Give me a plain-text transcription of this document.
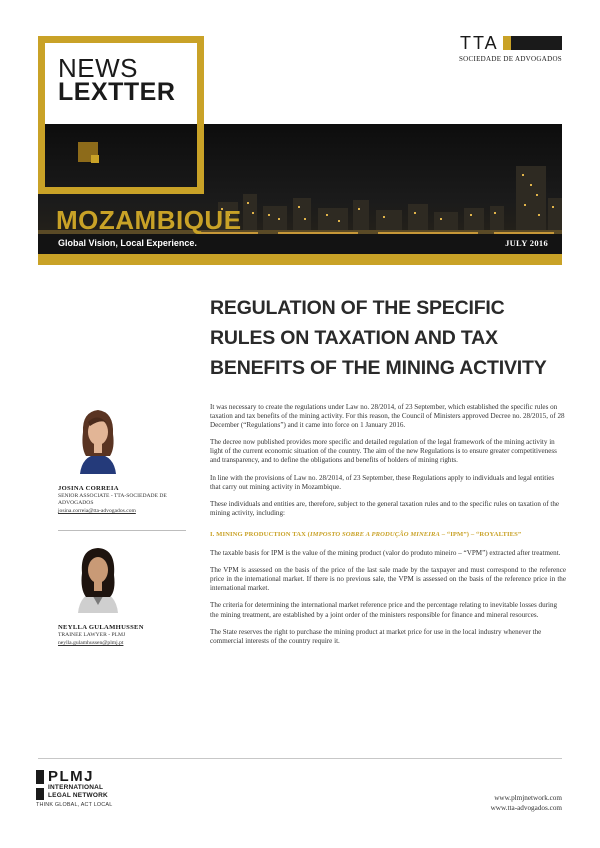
NEWS
LEXTTER
TTA
SOCIEDADE DE ADVOGADOS
MOZAMBIQUE
Global Vision, Local Experience.	JULY 2016
REGULATION OF THE SPECIFIC
RULES ON TAXATION AND TAX
BENEFITS OF THE MINING ACTIVITY
JOSINA CORREIA
SENIOR ASSOCIATE - TTA-SOCIEDADE DE
ADVOGADOS
josina.correia@tta-advogados.com
NEYLLA GULAMHUSSEN
TRAINEE LAWYER - PLMJ
neylla.gulamhussen@plmj.pt

It was necessary to create the regulations under Law no. 28/2014, of 23 September, which established the specific rules on taxation and tax benefits of the mining activity. For this reason, the Council of Ministers approved Decree no. 28/2015, of 28 December (“Regulations”) and it came into force on 1 January 2016.

The decree now published provides more specific and detailed regulation of the legal framework of the mining activity in light of the current economic situation of the country. The aim of the new Regulations is to ensure greater competitiveness and transparency, and to define the obligations and benefits of holders of mining rights.

In line with the provisions of Law no. 28/2014, of 23 September, these Regulations apply to individuals and legal entities that carry out mining activity in Mozambique.

These individuals and entities are, therefore, subject to the general taxation rules and to the specific rules on taxation of the mining activity, including:

I. MINING PRODUCTION TAX (IMPOSTO SOBRE A PRODUÇÃO MINEIRA – “IPM”) – “ROYALTIES”

The taxable basis for IPM is the value of the mining product (valor do produto mineiro – “VPM”) extracted after treatment.

The VPM is assessed on the basis of the price of the last sale made by the taxpayer and must correspond to the reference price in the international market. If there is no previous sale, the VPM is assessed on the basis of the reference price in the international market.

The criteria for determining the international market reference price and the percentage relating to inevitable losses during the mining treatment, are established by a joint order of the ministers responsible for finance and mineral resources.

The State reserves the right to purchase the mining product at market price for use in the local industry whenever the commercial interests of the country require it.

PLMJ
INTERNATIONAL
LEGAL NETWORK
THINK GLOBAL, ACT LOCAL
www.plmjnetwork.com
www.tta-advogados.com
